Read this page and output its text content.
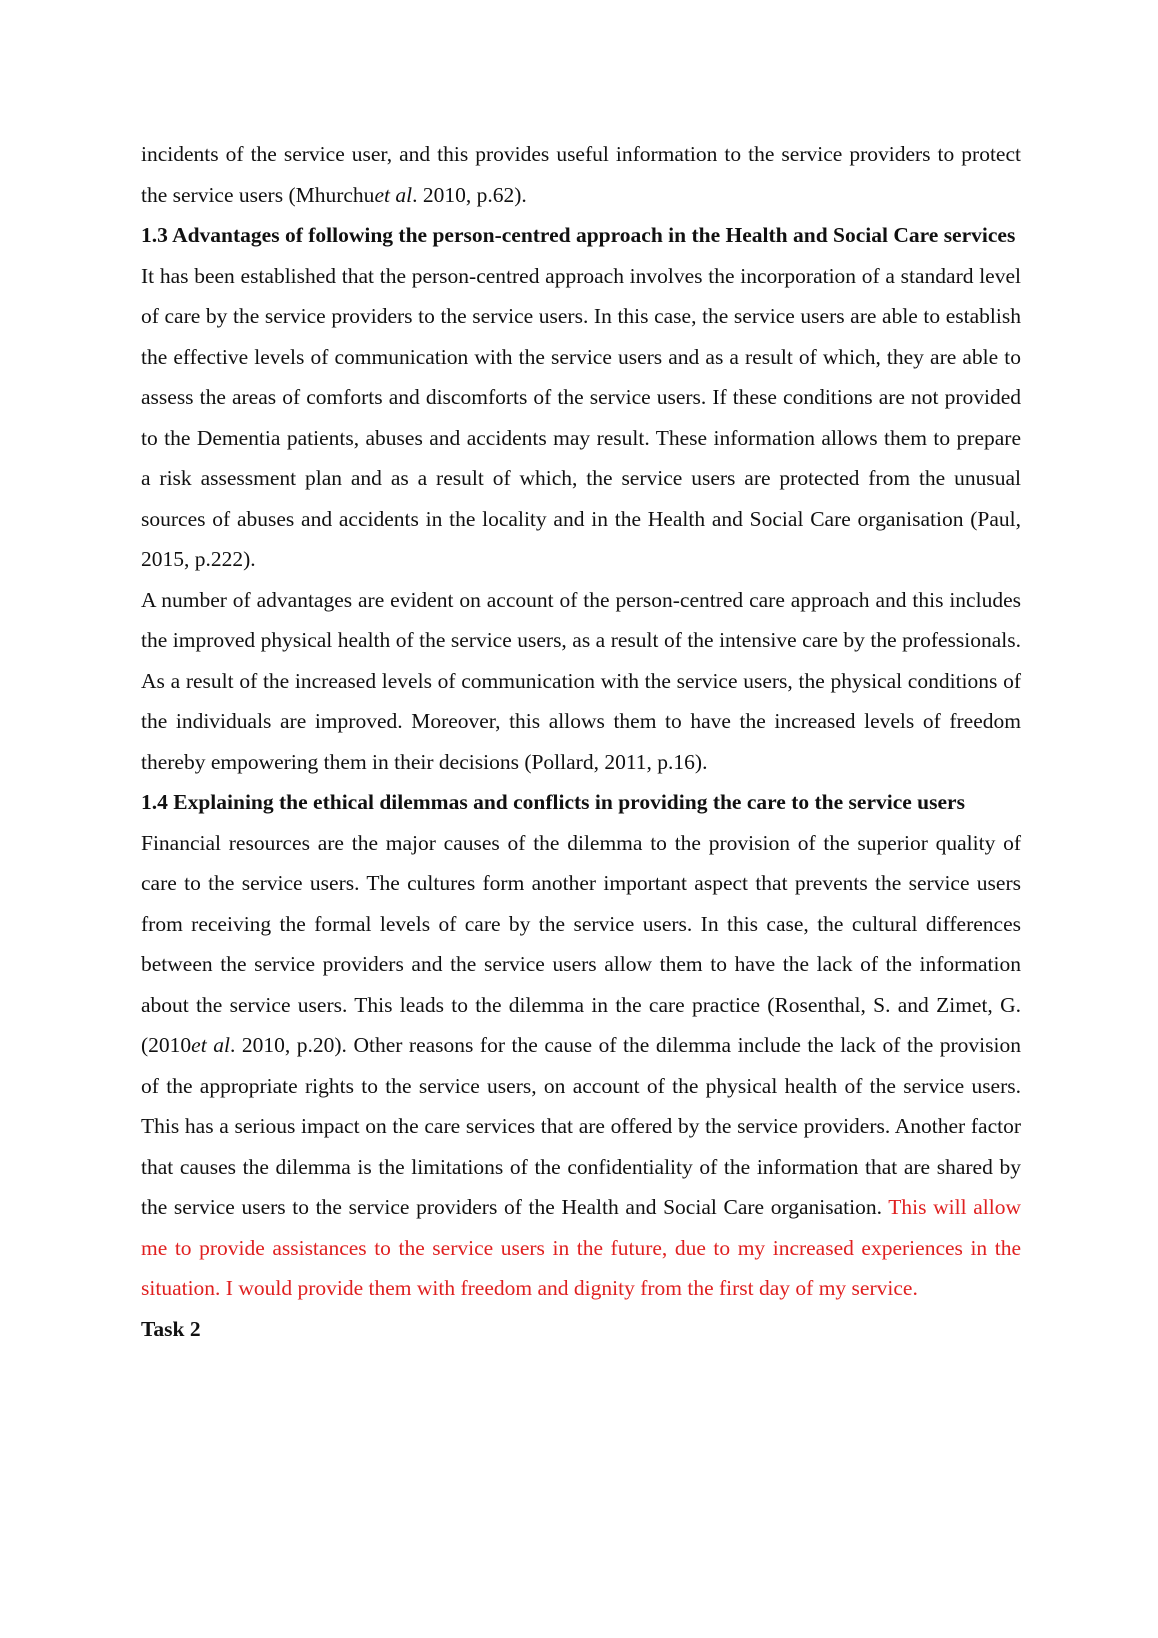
incidents of the service user, and this provides useful information to the service providers to protect the service users (Mhurchuet al. 2010, p.62).

1.3 Advantages of following the person-centred approach in the Health and Social Care services

It has been established that the person-centred approach involves the incorporation of a standard level of care by the service providers to the service users. In this case, the service users are able to establish the effective levels of communication with the service users and as a result of which, they are able to assess the areas of comforts and discomforts of the service users. If these conditions are not provided to the Dementia patients, abuses and accidents may result. These information allows them to prepare a risk assessment plan and as a result of which, the service users are protected from the unusual sources of abuses and accidents in the locality and in the Health and Social Care organisation (Paul, 2015, p.222).

A number of advantages are evident on account of the person-centred care approach and this includes the improved physical health of the service users, as a result of the intensive care by the professionals. As a result of the increased levels of communication with the service users, the physical conditions of the individuals are improved. Moreover, this allows them to have the increased levels of freedom thereby empowering them in their decisions (Pollard, 2011, p.16).

1.4 Explaining the ethical dilemmas and conflicts in providing the care to the service users

Financial resources are the major causes of the dilemma to the provision of the superior quality of care to the service users. The cultures form another important aspect that prevents the service users from receiving the formal levels of care by the service users. In this case, the cultural differences between the service providers and the service users allow them to have the lack of the information about the service users. This leads to the dilemma in the care practice (Rosenthal, S. and Zimet, G. (2010et al. 2010, p.20). Other reasons for the cause of the dilemma include the lack of the provision of the appropriate rights to the service users, on account of the physical health of the service users. This has a serious impact on the care services that are offered by the service providers. Another factor that causes the dilemma is the limitations of the confidentiality of the information that are shared by the service users to the service providers of the Health and Social Care organisation. This will allow me to provide assistances to the service users in the future, due to my increased experiences in the situation. I would provide them with freedom and dignity from the first day of my service.

Task 2
